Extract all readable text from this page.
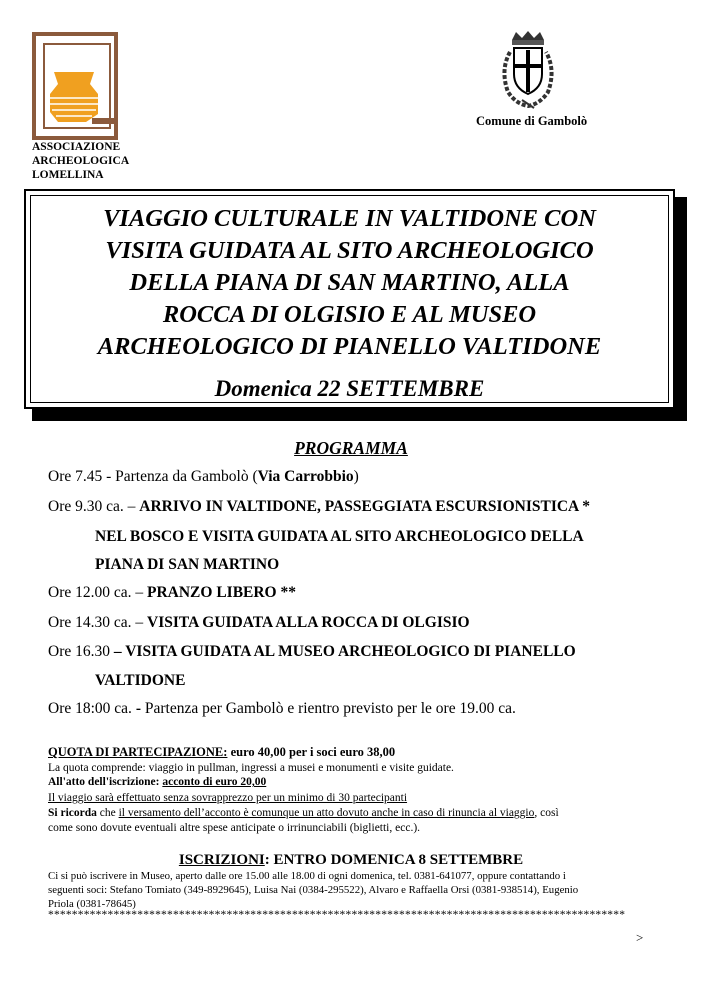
ASSOCIAZIONE
ARCHEOLOGICA
LOMELLINA
Comune di Gambolò
VIAGGIO CULTURALE IN VALTIDONE CON
VISITA GUIDATA AL SITO ARCHEOLOGICO
DELLA PIANA DI SAN MARTINO, ALLA
ROCCA DI OLGISIO E AL MUSEO
ARCHEOLOGICO DI PIANELLO VALTIDONE
Domenica 22 SETTEMBRE
PROGRAMMA
Ore 7.45 - Partenza da Gambolò (Via Carrobbio)
Ore 9.30 ca. – ARRIVO IN VALTIDONE, PASSEGGIATA ESCURSIONISTICA *
NEL BOSCO E VISITA GUIDATA AL SITO ARCHEOLOGICO DELLA
PIANA DI SAN MARTINO
Ore 12.00 ca. – PRANZO LIBERO **
Ore 14.30 ca. – VISITA GUIDATA ALLA ROCCA DI OLGISIO
Ore 16.30 – VISITA GUIDATA AL MUSEO ARCHEOLOGICO DI PIANELLO
VALTIDONE
Ore 18:00 ca. - Partenza per Gambolò e rientro previsto per le ore 19.00 ca.
QUOTA DI PARTECIPAZIONE: euro 40,00 per i soci euro 38,00
La quota comprende: viaggio in pullman, ingressi a musei e monumenti e visite guidate.
All'atto dell'iscrizione: acconto di euro 20,00
Il viaggio sarà effettuato senza sovrapprezzo per un minimo di 30 partecipanti
Si ricorda che il versamento dell’acconto è comunque un atto dovuto anche in caso di rinuncia al viaggio, così
come sono dovute eventuali altre spese anticipate o irrinunciabili (biglietti, ecc.).
ISCRIZIONI: ENTRO DOMENICA 8 SETTEMBRE
Ci si può iscrivere in Museo, aperto dalle ore 15.00 alle 18.00 di ogni domenica, tel. 0381-641077, oppure contattando i
seguenti soci: Stefano Tomiato (349-8929645), Luisa Nai (0384-295522), Alvaro e Raffaella Orsi (0381-938514), Eugenio
Priola (0381-78645)
*************************************************************************************************
>
